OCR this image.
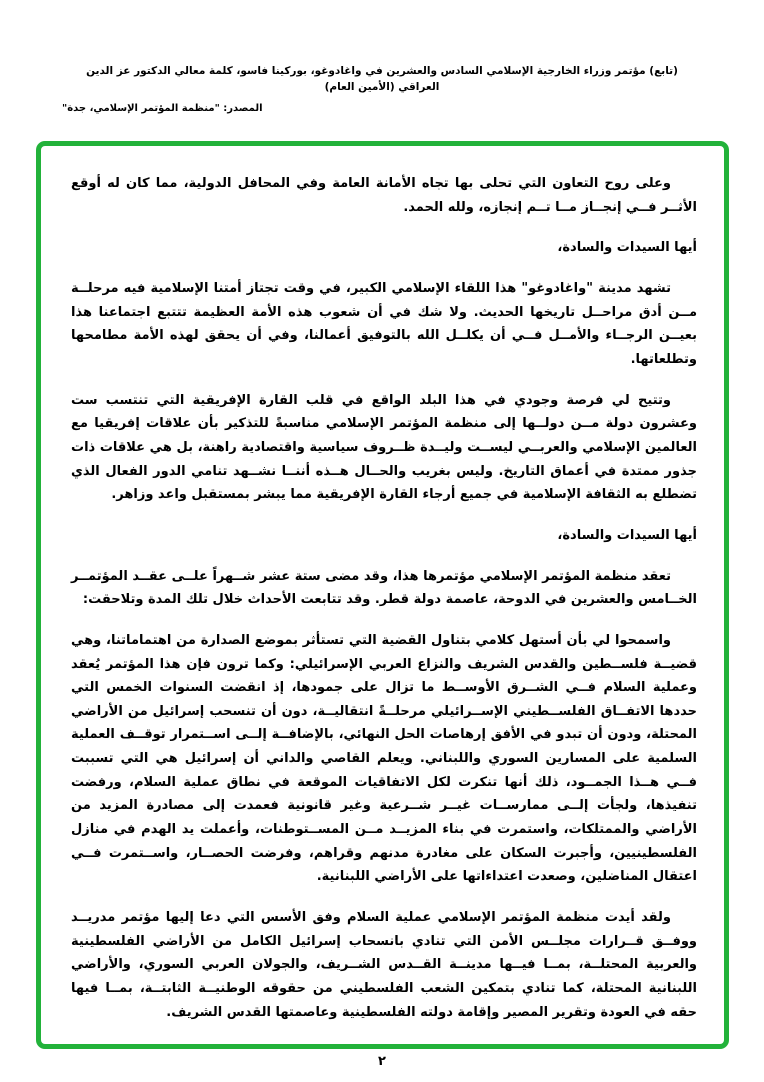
(تابع) مؤتمر وزراء الخارجية الإسلامي السادس والعشرين في واغادوغو، بوركينا فاسو، كلمة معالي الدكتور عز الدين العراقي (الأمين العام)
المصدر: "منظمة المؤتمر الإسلامي، جدة"

وعلى روح التعاون التي تحلى بها تجاه الأمانة العامة وفي المحافل الدولية، مما كان له أوقع الأثــر فــي إنجــاز مــا تــم إنجازه، ولله الحمد.

أيها السيدات والسادة،

تشهد مدينة "واغادوغو" هذا اللقاء الإسلامي الكبير، في وقت تجتاز أمتنا الإسلامية فيه مرحلــة مــن أدق مراحــل تاريخها الحديث. ولا شك في أن شعوب هذه الأمة العظيمة تتتبع اجتماعنا هذا بعيــن الرجــاء والأمــل فــي أن يكلــل الله بالتوفيق أعمالنا، وفي أن يحقق لهذه الأمة مطامحها وتطلعاتها.

وتتيح لي فرصة وجودي في هذا البلد الواقع في قلب القارة الإفريقية التي تنتسب ست وعشرون دولة مــن دولــها إلى منظمة المؤتمر الإسلامي مناسبةً للتذكير بأن علاقات إفريقيا مع العالمين الإسلامي والعربــي ليســت وليــدة ظــروف سياسية واقتصادية راهنة، بل هي علاقات ذات جذور ممتدة في أعماق التاريخ. وليس بغريب والحــال هــذه أننــا نشــهد تنامي الدور الفعال الذي تضطلع به الثقافة الإسلامية في جميع أرجاء القارة الإفريقية مما يبشر بمستقبل واعد وزاهر.

أيها السيدات والسادة،

تعقد منظمة المؤتمر الإسلامي مؤتمرها هذا، وقد مضى ستة عشر شــهراً علــى عقــد المؤتمــر الخــامس والعشرين في الدوحة، عاصمة دولة قطر. وقد تتابعت الأحداث خلال تلك المدة وتلاحقت:

واسمحوا لي بأن أستهل كلامي بتناول القضية التي تستأثر بموضع الصدارة من اهتماماتنا، وهي قضيــة فلســطين والقدس الشريف والنزاع العربي الإسرائيلي: وكما ترون فإن هذا المؤتمر يُعقد وعملية السلام فــي الشــرق الأوســط ما تزال على جمودها، إذ انقضت السنوات الخمس التي حددها الاتفــاق الفلســطيني الإســرائيلي مرحلــةً انتقاليــة، دون أن تنسحب إسرائيل من الأراضي المحتلة، ودون أن تبدو في الأفق إرهاصات الحل النهائي، بالإضافــة إلــى اســتمرار توقــف العملية السلمية على المسارين السوري واللبناني. ويعلم القاصي والداني أن إسرائيل هي التي تسببت فــي هــذا الجمــود، ذلك أنها تنكرت لكل الاتفاقيات الموقعة في نطاق عملية السلام، ورفضت تنفيذها، ولجأت إلــى ممارســات غيــر شــرعية وغير قانونية فعمدت إلى مصادرة المزيد من الأراضي والممتلكات، واستمرت في بناء المزيــد مــن المســتوطنات، وأعملت يد الهدم في منازل الفلسطينيين، وأجبرت السكان على مغادرة مدنهم وقراهم، وفرضت الحصــار، واســتمرت فــي اعتقال المناضلين، وصعدت اعتداءاتها على الأراضي اللبنانية.

ولقد أيدت منظمة المؤتمر الإسلامي عملية السلام وفق الأسس التي دعا إليها مؤتمر مدريــد ووفــق قــرارات مجلــس الأمن التي تنادي بانسحاب إسرائيل الكامل من الأراضي الفلسطينية والعربية المحتلــة، بمــا فيــها مدينــة القــدس الشــريف، والجولان العربي السوري، والأراضي اللبنانية المحتلة، كما تنادي بتمكين الشعب الفلسطيني من حقوقه الوطنيــة الثابتــة، بمــا فيها حقه في العودة وتقرير المصير وإقامة دولته الفلسطينية وعاصمتها القدس الشريف.

٢
